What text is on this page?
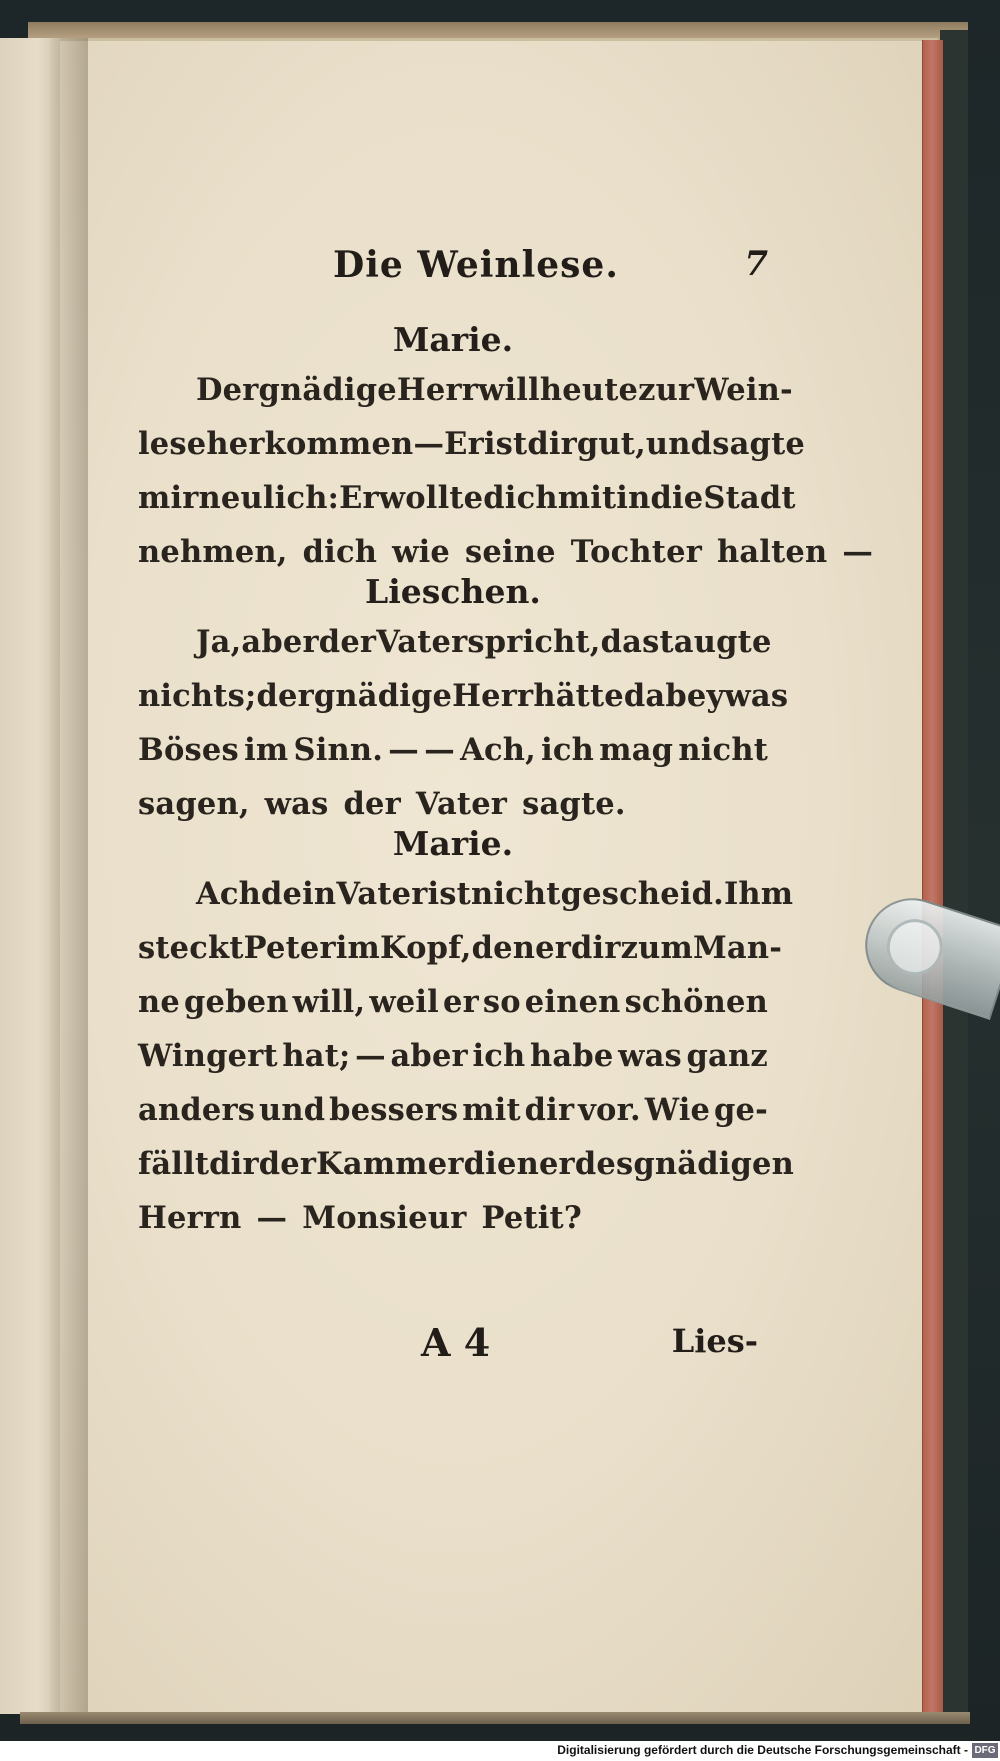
Die Weinlese.	7
Marie.
Der gnädige Herr will heute zur Wein-
lese herkommen — Er ist dir gut, und sagte
mir neulich: Er wollte dich mit in die Stadt
nehmen, dich wie seine Tochter halten —
Lieschen.
Ja, aber der Vater spricht, das taugte
nichts; der gnädige Herr hätte dabey was
Böses im Sinn. — — Ach, ich mag nicht
sagen, was der Vater sagte.
Marie.
Ach dein Vater ist nicht gescheid. Ihm
steckt Peter im Kopf, den er dir zum Man-
ne geben will, weil er so einen schönen
Wingert hat; — aber ich habe was ganz
anders und bessers mit dir vor. Wie ge-
fällt dir der Kammerdiener des gnädigen
Herrn — Monsieur Petit?
A 4	Lies-
Digitalisierung gefördert durch die Deutsche Forschungsgemeinschaft - DFG
